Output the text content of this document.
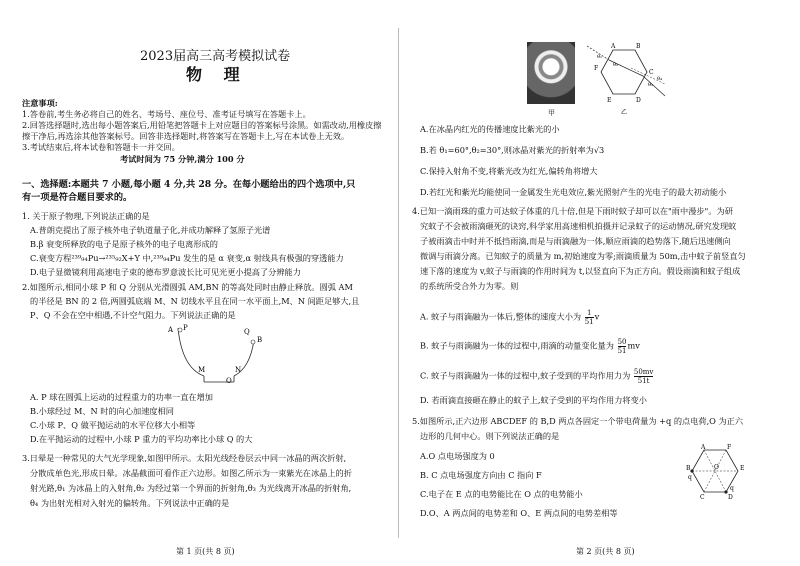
2023届高三高考模拟试卷
物 理
注意事项:
1.答卷前,考生务必将自己的姓名、考场号、座位号、准考证号填写在答题卡上。
2.回答选择题时,选出每小题答案后,用铅笔把答题卡上对应题目的答案标号涂黑。如需改动,用橡皮擦
擦干净后,再选涂其他答案标号。回答非选择题时,将答案写在答题卡上,写在本试卷上无效。
3.考试结束后,将本试卷和答题卡一并交回。
考试时间为 75 分钟,满分 100 分
一、选择题:本题共 7 小题,每小题 4 分,共 28 分。在每小题给出的四个选项中,只
有一项是符合题目要求的。
1. 关于原子物理,下列说法正确的是
A.普朗克提出了原子核外电子轨道量子化,并成功解释了氢原子光谱
B.β 衰变所释放的电子是原子核外的电子电离形成的
C.衰变方程²³⁹₉₄Pu→²³⁵₉₂X+Y 中,²³⁹₉₄Pu 发生的是 α 衰变,α 射线具有极强的穿透能力
D.电子显微镜利用高速电子束的德布罗意波长比可见光更小提高了分辨能力
2.如图所示,相同小球 P 和 Q 分别从光滑圆弧 AM,BN 的等高处同时由静止释放。圆弧 AM
的半径是 BN 的 2 倍,两圆弧底端 M、N 切线水平且在同一水平面上,M、N 间距足够大,且
P、Q 不会在空中相遇,不计空气阻力。下列说法正确的是
A P	Q
B
M	N
O
A. P 球在圆弧上运动的过程重力的功率一直在增加
B.小球经过 M、N 时的向心加速度相同
C.小球 P、Q 做平抛运动的水平位移大小相等
D.在平抛运动的过程中,小球 P 重力的平均功率比小球 Q 的大
3.日晕是一种常见的大气光学现象,如图甲所示。太阳光线经卷层云中同一冰晶的两次折射,
分散成单色光,形成日晕。冰晶截面可看作正六边形。如图乙所示为一束紫光在冰晶上的折
射光路,θ₁ 为冰晶上的入射角,θ₂ 为经过第一个界面的折射角,θ₃ 为光线离开冰晶的折射角,
θ₄ 为出射光相对入射光的偏转角。下列说法中正确的是
第 1 页(共 8 页)
甲
A	B
C
D
E
F
θ₁
θ₂
θ₃
θ₄
乙
A.在冰晶内红光的传播速度比紫光的小
B.若 θ₁=60°,θ₂=30°,则冰晶对紫光的折射率为√3
C.保持入射角不变,将紫光改为红光,偏转角将增大
D.若红光和紫光均能使同一金属发生光电效应,紫光照射产生的光电子的最大初动能小
4.已知一滴雨珠的重力可达蚊子体重的几十倍,但是下雨时蚊子却可以在"雨中漫步"。为研
究蚊子不会被雨滴砸死的诀窍,科学家用高速相机拍摄并记录蚊子的运动情况,研究发现蚊
子被雨滴击中时并不抵挡雨滴,而是与雨滴融为一体,顺应雨滴的趋势落下,随后迅速侧向
微调与雨滴分离。已知蚊子的质量为 m,初始速度为零;雨滴质量为 50m,击中蚊子前竖直匀
速下落的速度为 v,蚊子与雨滴的作用时间为 t,以竖直向下为正方向。假设雨滴和蚊子组成
的系统所受合外力为零。则
A. 蚊子与雨滴融为一体后,整体的速度大小为 $\frac{1}{51}$ v
B. 蚊子与雨滴融为一体的过程中,雨滴的动量变化量为 $\frac{50}{51}$ mv
C. 蚊子与雨滴融为一体的过程中,蚊子受到的平均作用力为 $\frac{50mv}{51t}$
D. 若雨滴直接砸在静止的蚊子上,蚊子受到的平均作用力将变小
5.如图所示,正六边形 ABCDEF 的 B,D 两点各固定一个带电荷量为 +q 的点电荷,O 为正六
边形的几何中心。则下列说法正确的是
A.O 点电场强度为 0
B. C 点电场强度方向由 C 指向 F
C.电子在 E 点的电势能比在 O 点的电势能小
D.O、A 两点间的电势差和 O、E 两点间的电势差相等
A
B
C	D
E
F
O
q
q
第 2 页(共 8 页)
